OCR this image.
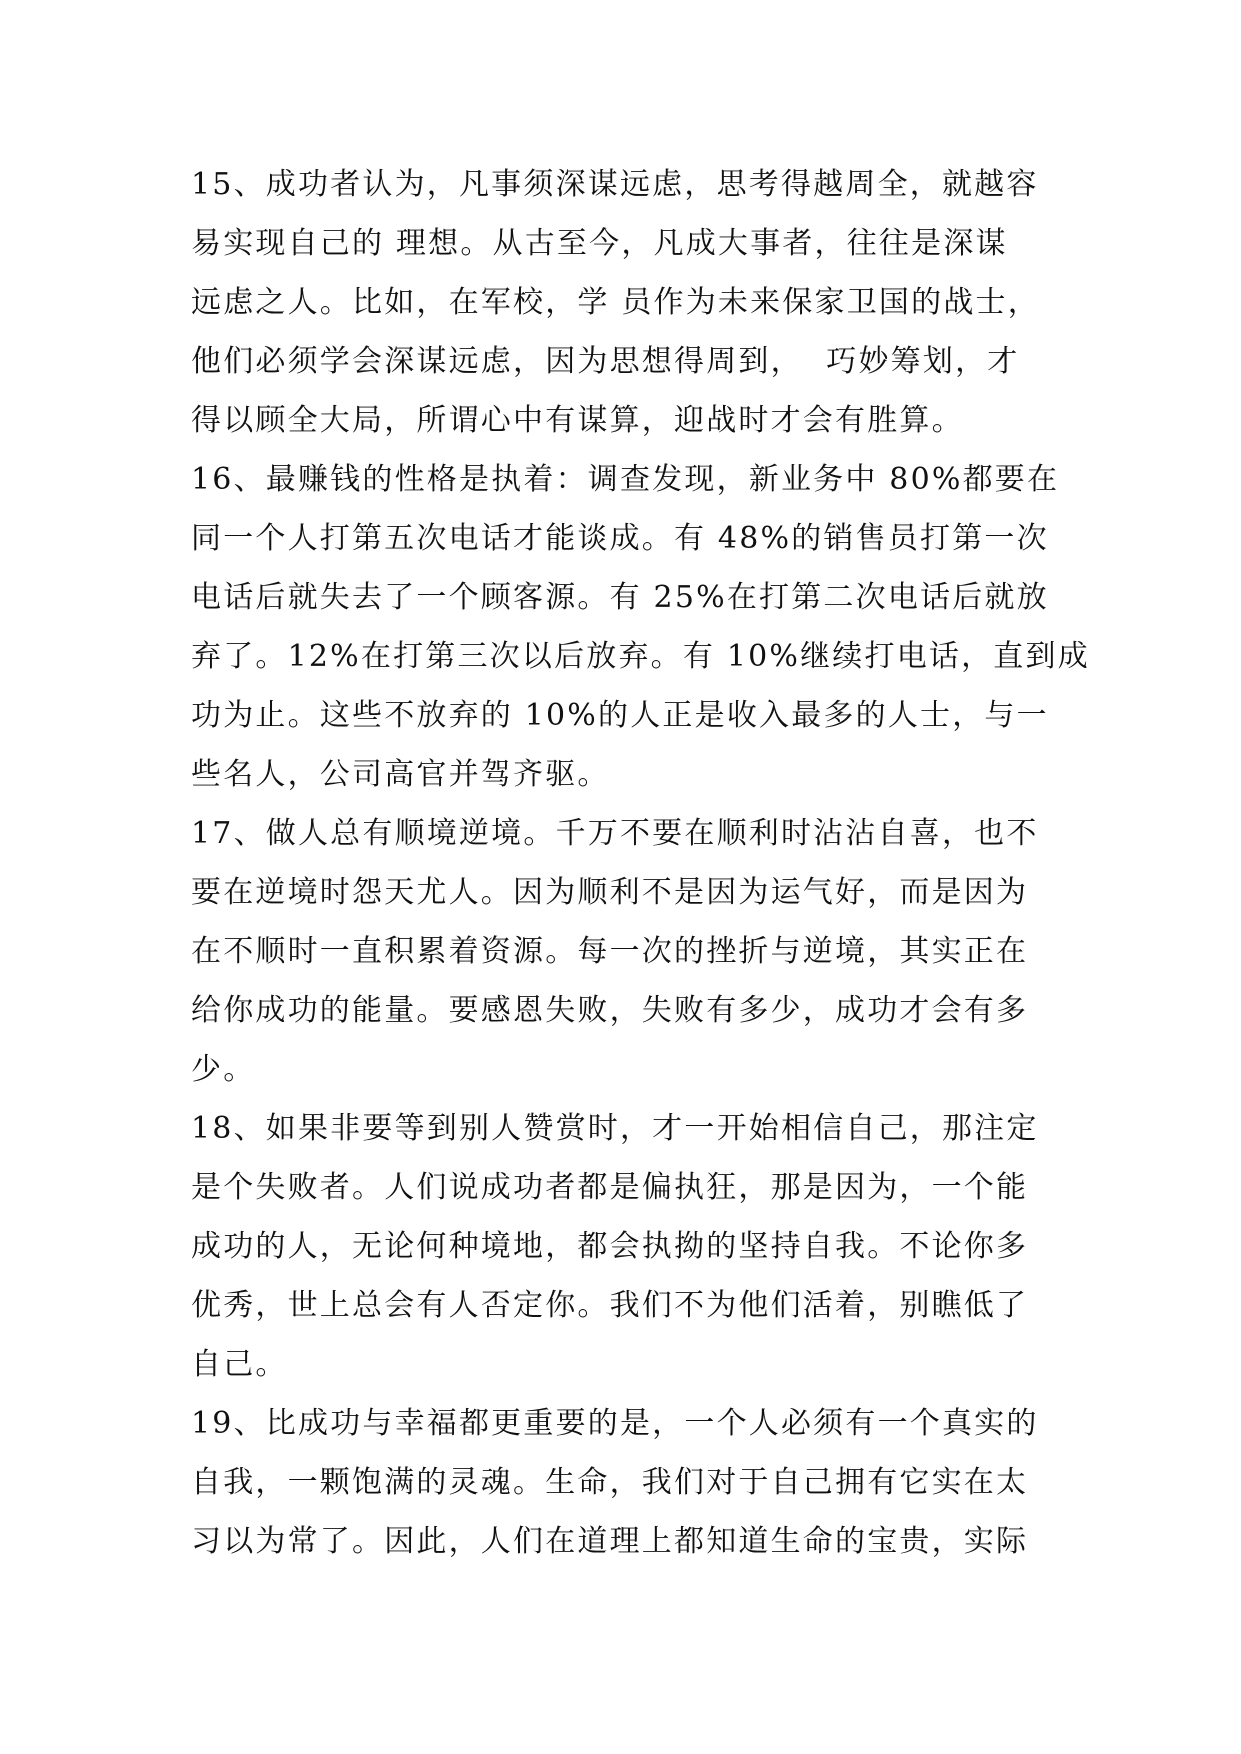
15、成功者认为，凡事须深谋远虑，思考得越周全，就越容
易实现自己的 理想。从古至今，凡成大事者，往往是深谋
远虑之人。比如，在军校，学 员作为未来保家卫国的战士，
他们必须学会深谋远虑，因为思想得周到，  巧妙筹划，才
得以顾全大局，所谓心中有谋算，迎战时才会有胜算。
16、最赚钱的性格是执着：调查发现，新业务中 80%都要在
同一个人打第五次电话才能谈成。有 48%的销售员打第一次
电话后就失去了一个顾客源。有 25%在打第二次电话后就放
弃了。12%在打第三次以后放弃。有 10%继续打电话，直到成
功为止。这些不放弃的 10%的人正是收入最多的人士，与一
些名人，公司高官并驾齐驱。
17、做人总有顺境逆境。千万不要在顺利时沾沾自喜，也不
要在逆境时怨天尤人。因为顺利不是因为运气好，而是因为
在不顺时一直积累着资源。每一次的挫折与逆境，其实正在
给你成功的能量。要感恩失败，失败有多少，成功才会有多
少。
18、如果非要等到别人赞赏时，才一开始相信自己，那注定
是个失败者。人们说成功者都是偏执狂，那是因为，一个能
成功的人，无论何种境地，都会执拗的坚持自我。不论你多
优秀，世上总会有人否定你。我们不为他们活着，别瞧低了
自己。
19、比成功与幸福都更重要的是，一个人必须有一个真实的
自我，一颗饱满的灵魂。生命，我们对于自己拥有它实在太
习以为常了。因此，人们在道理上都知道生命的宝贵，实际
